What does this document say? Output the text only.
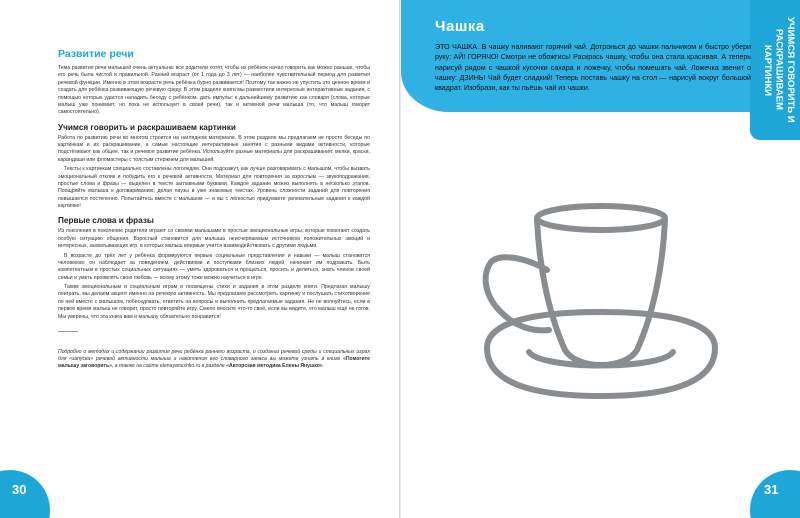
Развитие речи

Тема развития речи малышей очень актуальна: все родители хотят, чтобы их ребёнок начал говорить как можно раньше, чтобы его речь была чистой и правильной. Ранний возраст (от 1 года до 3 лет) — наиболее чувствительный период для развития речевой функции. Именно в этом возрасте речь ребёнка бурно развивается! Поэтому так важно не упустить это ценное время и создать для ребёнка развивающую речевую среду. В этом разделе книги мы разместили интересные интерактивные задания, с помощью которых удастся наладить беседу с ребёнком, дать импульс к дальнейшему развитию как словаря (слова, которые малыш уже понимает, но пока не использует в своей речи), так и активной речи малыша (то, что малыш говорит самостоятельно).

Учимся говорить и раскрашиваем картинки

Работа по развитию речи во многом строится на наглядном материале. В этом разделе мы предлагаем не просто беседы по картинкам и их раскрашивание, а самые настоящие интерактивные занятия с разными видами активности, которые подстёгивают как общее, так и речевое развитие ребёнка. Используйте разные материалы для раскрашивания: мелки, краски, карандаши или фломастеры с толстым стержнем для малышей.

Тексты к картинкам специально составлены логопедом. Они подскажут, как лучше разговаривать с малышом, чтобы вызвать эмоциональный отклик и побудить его к речевой активности. Материал для повторения за взрослым — звукоподражания, простые слова и фразы — выделен в тексте заглавными буквами. Каждое задание можно выполнять в несколько этапов. Поощряйте малыша к договариванию, делая паузы в уже знакомых текстах. Уровень сложности заданий для повторения повышается постепенно. Попытайтесь вместе с малышом — и вы с лёгкостью придумаете увлекательные задания к каждой картинке!

Первые слова и фразы

Из поколения в поколение родители играют со своими малышами в простые эмоциональные игры, которые помогают создать особую ситуацию общения. Взрослый становится для малыша неисчерпаемым источником положительных эмоций и интересных, захватывающих игр, в которых малыш впервые учится взаимодействовать с другими людьми.

В возрасте до трёх лет у ребёнка формируются первые социальные представления и навыки — малыш становится человеком: он наблюдает за поведением, действиями и поступками близких людей, начинает им подражать. Быть компетентным в простых социальных ситуациях — уметь здороваться и прощаться, просить и делиться, знать членов своей семьи и уметь проявлять свою любовь — всему этому тоже можно научиться в игре.

Таким эмоциональным и социальным играм и посвящены стихи и задания в этом разделе книги. Предлагая малышу поиграть, мы делаем акцент именно на речевую активность. Мы предлагаем рассмотреть картинку и послушать стихотворение по ней вместе с малышом, побеседовать, ответить на вопросы и выполнить предлагаемые задания. Не не волнуйтесь, если в первое время малыш не говорит, просто повторяйте игру. Смело вносите что-то своё, если вы видите, что малыш ещё не готов. Мы уверены, что эта книга вам и малышу обязательно понравится!

Подробно о методах и содержании развития речи ребёнка раннего возраста, о создании речевой среды и специальных играх для «запуска» речевой активности малыша и накопления его словарного запаса вы можете узнать в книге «Помогите малышу заговорить», а также на сайте elenayanushko.ru в разделе «Авторская методика Елены Янушко».
30
УЧИМСЯ ГОВОРИТЬ И РАСКРАШИВАЕМ КАРТИНКИ
Чашка
ЭТО ЧАШКА. В чашку наливают горячий чай. Дотронься до чашки пальчиком и быстро убери руку: АЙ! ГОРЯЧО! Смотри не обожгись! Раскрась чашку, чтобы она стала красивая. А теперь нарисуй рядом с чашкой кусочки сахара и ложечку, чтобы помешать чай. Ложечка звенит о чашку: ДЗИНЬ! Чай будет сладкий! Теперь поставь чашку на стол — нарисуй вокруг большой квадрат. Изобрази, как ты пьёшь чай из чашки.
31
